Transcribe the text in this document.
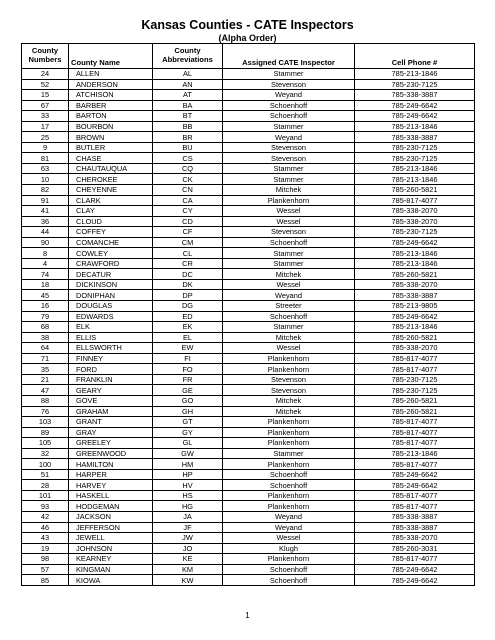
Kansas Counties - CATE Inspectors
(Alpha Order)
County Numbers	County Name	County Abbreviations	Assigned CATE Inspector	Cell Phone #
24	ALLEN	AL	Stammer	785-213-1846
52	ANDERSON	AN	Stevenson	785-230-7125
15	ATCHISON	AT	Weyand	785-338-3887
67	BARBER	BA	Schoenhoff	785-249-6642
33	BARTON	BT	Schoenhoff	785-249-6642
17	BOURBON	BB	Stammer	785-213-1846
25	BROWN	BR	Weyand	785-338-3887
9	BUTLER	BU	Stevenson	785-230-7125
81	CHASE	CS	Stevenson	785-230-7125
63	CHAUTAUQUA	CQ	Stammer	785-213-1846
10	CHEROKEE	CK	Stammer	785-213-1846
82	CHEYENNE	CN	Mitchek	785-260-5821
91	CLARK	CA	Plankenhorn	785-817-4077
41	CLAY	CY	Wessel	785-338-2070
36	CLOUD	CD	Wessel	785-338-2070
44	COFFEY	CF	Stevenson	785-230-7125
90	COMANCHE	CM	Schoenhoff	785-249-6642
8	COWLEY	CL	Stammer	785-213-1846
4	CRAWFORD	CR	Stammer	785-213-1846
74	DECATUR	DC	Mitchek	785-260-5821
18	DICKINSON	DK	Wessel	785-338-2070
45	DONIPHAN	DP	Weyand	785-338-3887
16	DOUGLAS	DG	Streeter	785-213-9805
79	EDWARDS	ED	Schoenhoff	785-249-6642
68	ELK	EK	Stammer	785-213-1846
38	ELLIS	EL	Mitchek	785-260-5821
64	ELLSWORTH	EW	Wessel	785-338-2070
71	FINNEY	FI	Plankenhorn	785-817-4077
35	FORD	FO	Plankenhorn	785-817-4077
21	FRANKLIN	FR	Stevenson	785-230-7125
47	GEARY	GE	Stevenson	785-230-7125
88	GOVE	GO	Mitchek	785-260-5821
76	GRAHAM	GH	Mitchek	785-260-5821
103	GRANT	GT	Plankenhorn	785-817-4077
89	GRAY	GY	Plankenhorn	785-817-4077
105	GREELEY	GL	Plankenhorn	785-817-4077
32	GREENWOOD	GW	Stammer	785-213-1846
100	HAMILTON	HM	Plankenhorn	785-817-4077
51	HARPER	HP	Schoenhoff	785-249-6642
28	HARVEY	HV	Schoenhoff	785-249-6642
101	HASKELL	HS	Plankenhorn	785-817-4077
93	HODGEMAN	HG	Plankenhorn	785-817-4077
42	JACKSON	JA	Weyand	785-338-3887
46	JEFFERSON	JF	Weyand	785-338-3887
43	JEWELL	JW	Wessel	785-338-2070
19	JOHNSON	JO	Klugh	785-260-3031
98	KEARNEY	KE	Plankenhorn	785-817-4077
57	KINGMAN	KM	Schoenhoff	785-249-6642
85	KIOWA	KW	Schoenhoff	785-249-6642
1
